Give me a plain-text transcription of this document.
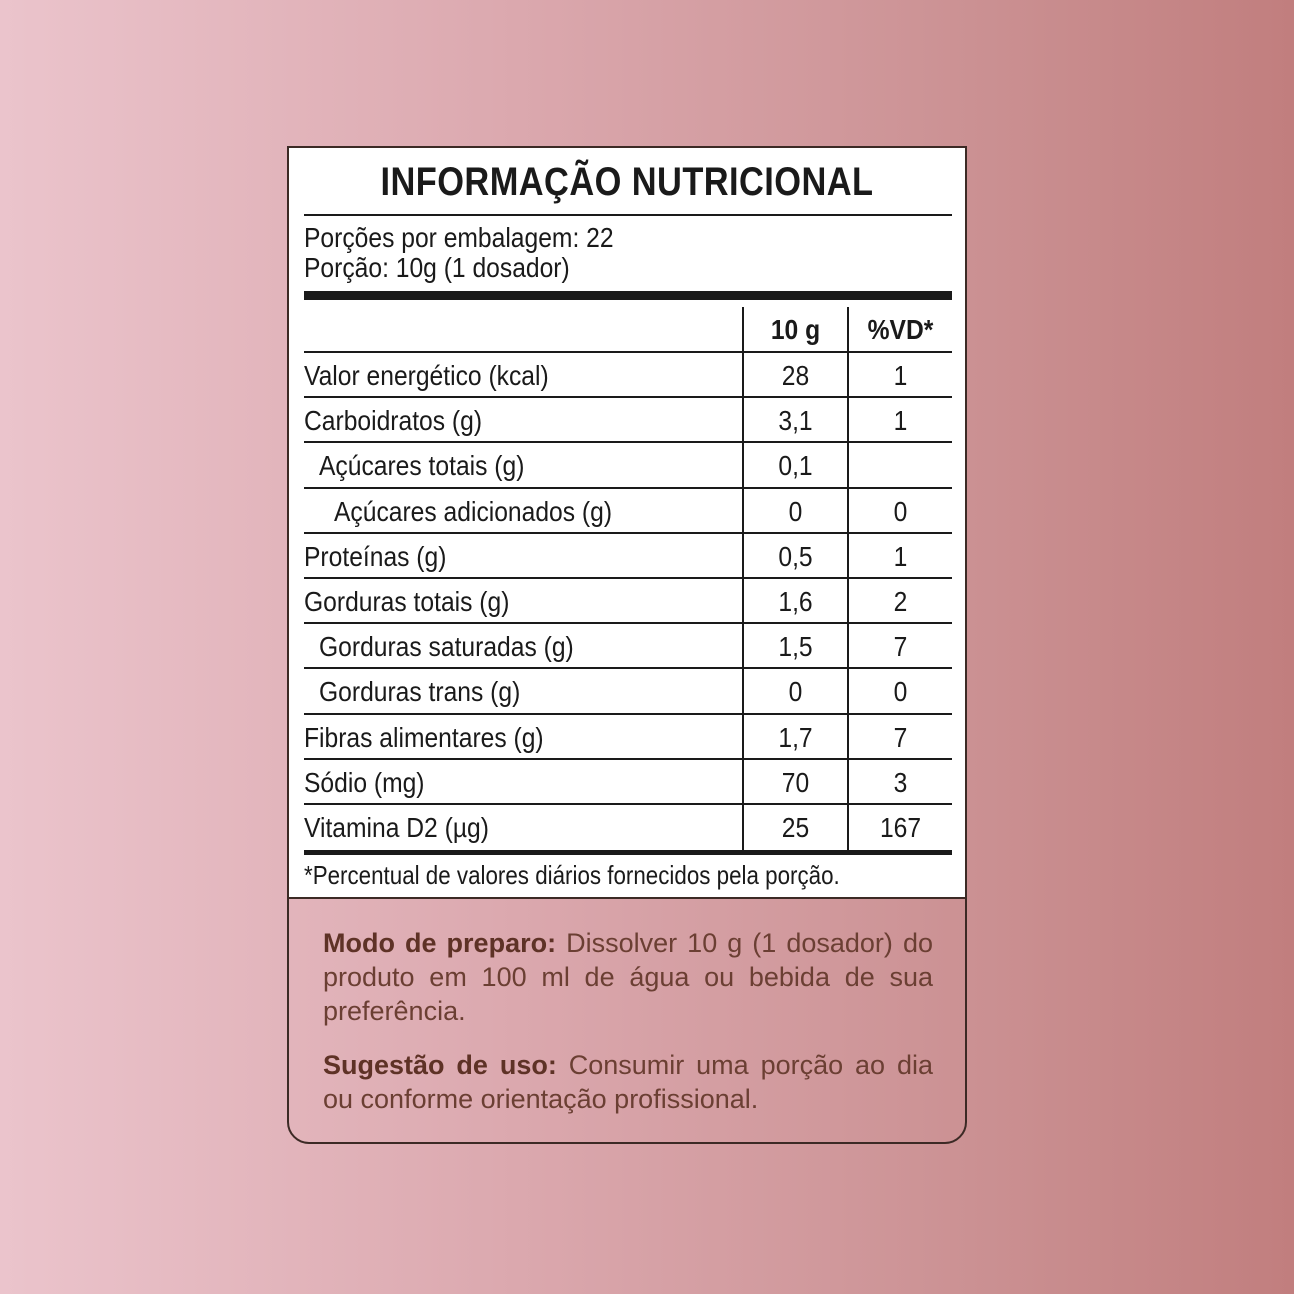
INFORMAÇÃO NUTRICIONAL
Porções por embalagem: 22
Porção: 10g (1 dosador)
10 g	%VD*
Valor energético (kcal)	28	1
Carboidratos (g)	3,1	1
Açúcares totais (g)	0,1
Açúcares adicionados (g)	0	0
Proteínas (g)	0,5	1
Gorduras totais (g)	1,6	2
Gorduras saturadas (g)	1,5	7
Gorduras trans (g)	0	0
Fibras alimentares (g)	1,7	7
Sódio (mg)	70	3
Vitamina D2 (µg)	25	167
*Percentual de valores diários fornecidos pela porção.

Modo de preparo: Dissolver 10 g (1 dosador) do produto em 100 ml de água ou bebida de sua preferência.

Sugestão de uso: Consumir uma porção ao dia ou conforme orientação profissional.
